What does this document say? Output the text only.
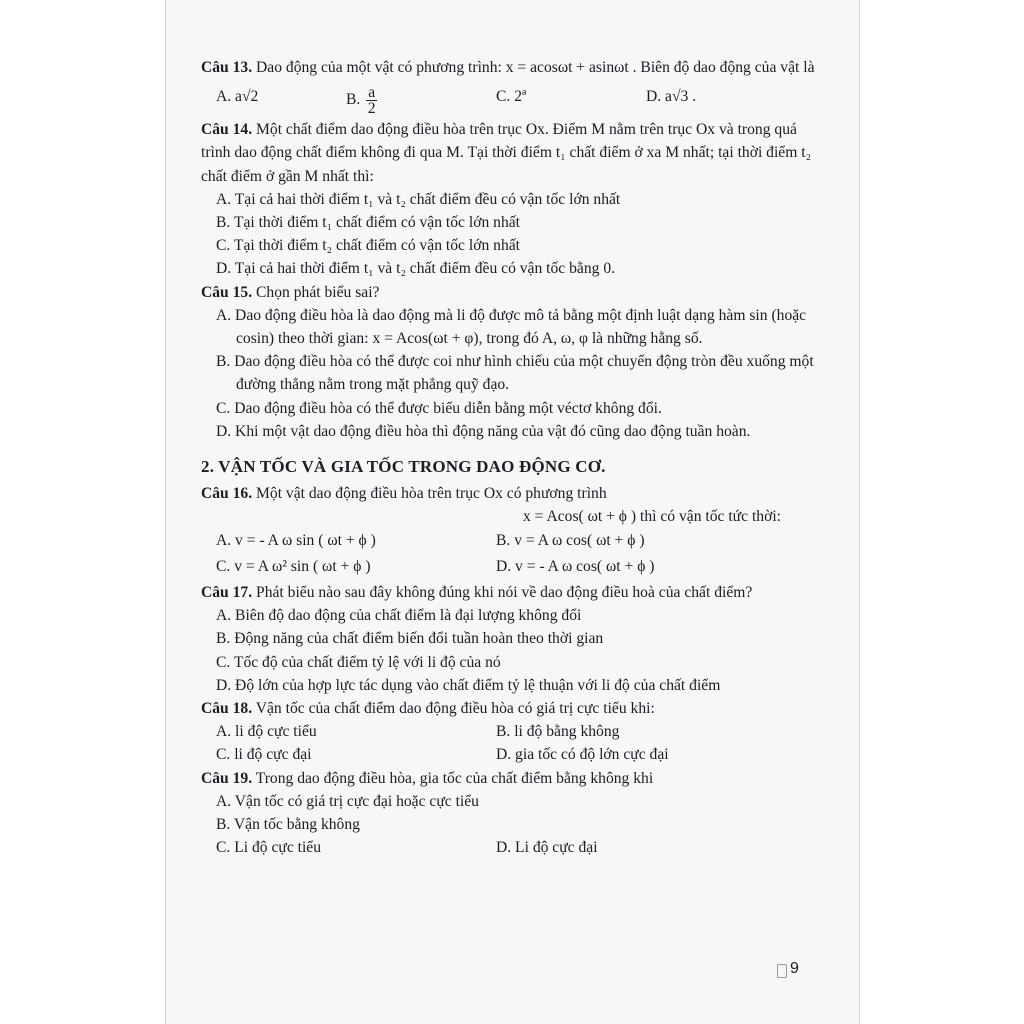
Câu 13. Dao động của một vật có phương trình: x = acosωt + asinωt . Biên độ dao động của vật là

A. a√2	B. $\frac{a}{2}$	C. 2ª	D. a√3 .

Câu 14. Một chất điểm dao động điều hòa trên trục Ox. Điểm M nằm trên trục Ox và trong quá trình dao động chất điểm không đi qua M. Tại thời điểm t₁ chất điểm ở xa M nhất; tại thời điểm t₂ chất điểm ở gần M nhất thì:

A. Tại cả hai thời điểm t₁ và t₂ chất điểm đều có vận tốc lớn nhất

B. Tại thời điểm t₁ chất điểm có vận tốc lớn nhất

C. Tại thời điểm t₂ chất điểm có vận tốc lớn nhất

D. Tại cả hai thời điểm t₁ và t₂ chất điểm đều có vận tốc bằng 0.

Câu 15. Chọn phát biểu sai?

A. Dao động điều hòa là dao động mà li độ được mô tả bằng một định luật dạng hàm sin (hoặc cosin) theo thời gian: x = Acos(ωt + φ), trong đó A, ω, φ là những hằng số.

B. Dao động điều hòa có thể được coi như hình chiếu của một chuyển động tròn đều xuống một đường thẳng nằm trong mặt phẳng quỹ đạo.

C. Dao động điều hòa có thể được biểu diễn bằng một véctơ không đổi.

D. Khi một vật dao động điều hòa thì động năng của vật đó cũng dao động tuần hoàn.

2. VẬN TỐC VÀ GIA TỐC TRONG DAO ĐỘNG CƠ.

Câu 16. Một vật dao động điều hòa trên trục Ox có phương trình

x = Acos( ωt + ϕ ) thì có vận tốc tức thời:

A. v = - A ω sin ( ωt + ϕ )	B. v = A ω cos( ωt + ϕ )
C. v = A ω² sin ( ωt + ϕ )	D. v = - A ω cos( ωt + ϕ )

Câu 17. Phát biểu nào sau đây không đúng khi nói về dao động điều hoà của chất điểm?

A. Biên độ dao động của chất điểm là đại lượng không đổi

B. Động năng của chất điểm biến đổi tuần hoàn theo thời gian

C. Tốc độ của chất điểm tỷ lệ với li độ của nó

D. Độ lớn của hợp lực tác dụng vào chất điểm tỷ lệ thuận với li độ của chất điểm

Câu 18. Vận tốc của chất điểm dao động điều hòa có giá trị cực tiểu khi:

A. li độ cực tiểu	B. li độ bằng không
C. li độ cực đại	D. gia tốc có độ lớn cực đại

Câu 19. Trong dao động điều hòa, gia tốc của chất điểm bằng không khi

A. Vận tốc có giá trị cực đại hoặc cực tiểu

B. Vận tốc bằng không

C. Li độ cực tiểu	D. Li độ cực đại
9
